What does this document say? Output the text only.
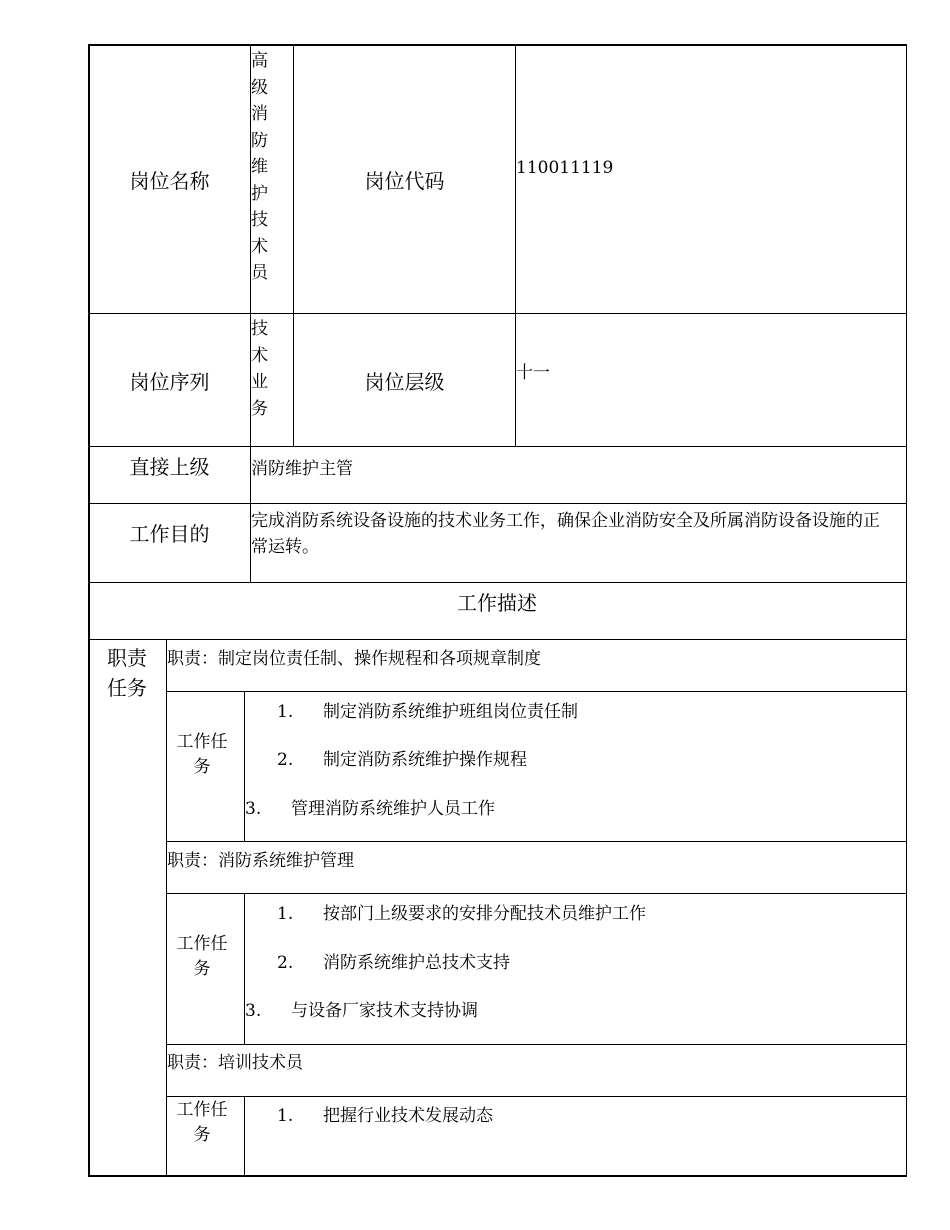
岗位名称
高级消防维护技术员
岗位代码
110011119
岗位序列
技术业务
岗位层级	十一
直接上级	消防维护主管
工作目的
完成消防系统设备设施的技术业务工作，确保企业消防安全及所属消防设备设施的正常运转。
工作描述
职责任务
职责：制定岗位责任制、操作规程和各项规章制度
工作任务
1. 制定消防系统维护班组岗位责任制
2. 制定消防系统维护操作规程
3. 管理消防系统维护人员工作
职责：消防系统维护管理
工作任务
1. 按部门上级要求的安排分配技术员维护工作
2. 消防系统维护总技术支持
3. 与设备厂家技术支持协调
职责：培训技术员
工作任务
1. 把握行业技术发展动态
